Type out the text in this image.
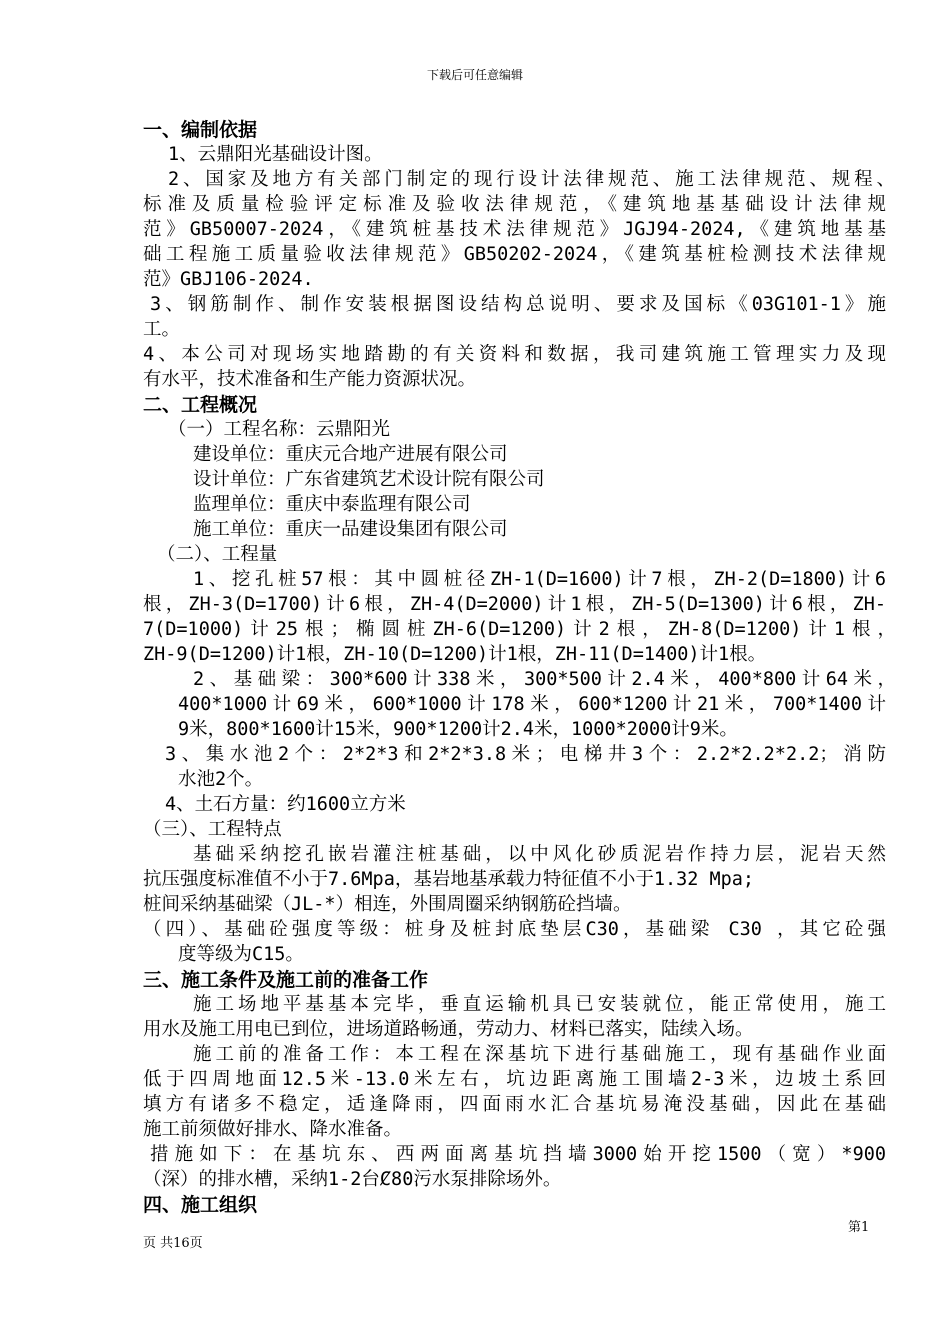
下载后可任意编辑
一、编制依据
1、云鼎阳光基础设计图。
2、国家及地方有关部门制定的现行设计法律规范、施工法律规范、规程、
标准及质量检验评定标准及验收法律规范，《建筑地基基础设计法律规
范》GB50007-2024，《建筑桩基技术法律规范》JGJ94-2024,《建筑地基基
础工程施工质量验收法律规范》GB50202-2024，《建筑基桩检测技术法律规
范》GBJ106-2024.
3、钢筋制作、制作安装根据图设结构总说明、要求及国标《03G101-1》施
工。
4、本公司对现场实地踏勘的有关资料和数据，我司建筑施工管理实力及现
有水平，技术准备和生产能力资源状况。
二、工程概况
（一）工程名称：云鼎阳光
建设单位：重庆元合地产进展有限公司
设计单位：广东省建筑艺术设计院有限公司
监理单位：重庆中泰监理有限公司
施工单位：重庆一品建设集团有限公司
（二）、工程量
1、挖孔桩57根：其中圆桩径ZH-1(D=1600)计7根，ZH-2(D=1800)计6
根，ZH-3(D=1700)计6根，ZH-4(D=2000)计1根，ZH-5(D=1300)计6根，ZH-
7(D=1000)计25根；椭圆桩ZH-6(D=1200)计2根，ZH-8(D=1200)计1根，
ZH-9(D=1200)计1根，ZH-10(D=1200)计1根，ZH-11(D=1400)计1根。
2、基础梁：300*600计338米，300*500计2.4米，400*800计64米，
400*1000计69米，600*1000计178米，600*1200计21米，700*1400计
9米，800*1600计15米，900*1200计2.4米，1000*2000计9米。
3、集水池2个：2*2*3和2*2*3.8米；电梯井3个：2.2*2.2*2.2；消防
水池2个。
4、土石方量：约1600立方米
（三）、工程特点
基础采纳挖孔嵌岩灌注桩基础，以中风化砂质泥岩作持力层，泥岩天然
抗压强度标准值不小于7.6Mpa，基岩地基承载力特征值不小于1.32 Mpa;
桩间采纳基础梁（JL-*）相连，外围周圈采纳钢筋砼挡墙。
（四）、基础砼强度等级：桩身及桩封底垫层C30，基础梁 C30 ，其它砼强
度等级为C15。
三、施工条件及施工前的准备工作
施工场地平基基本完毕，垂直运输机具已安装就位，能正常使用，施工
用水及施工用电已到位，进场道路畅通，劳动力、材料已落实，陆续入场。
施工前的准备工作：本工程在深基坑下进行基础施工，现有基础作业面
低于四周地面12.5米-13.0米左右，坑边距离施工围墙2-3米，边坡土系回
填方有诸多不稳定，适逢降雨，四面雨水汇合基坑易淹没基础，因此在基础
施工前须做好排水、降水准备。
措施如下：在基坑东、西两面离基坑挡墙3000始开挖1500（宽）*900
（深）的排水槽，采纳1-2台Ȼ80污水泵排除场外。
四、施工组织
第1
页 共16页
